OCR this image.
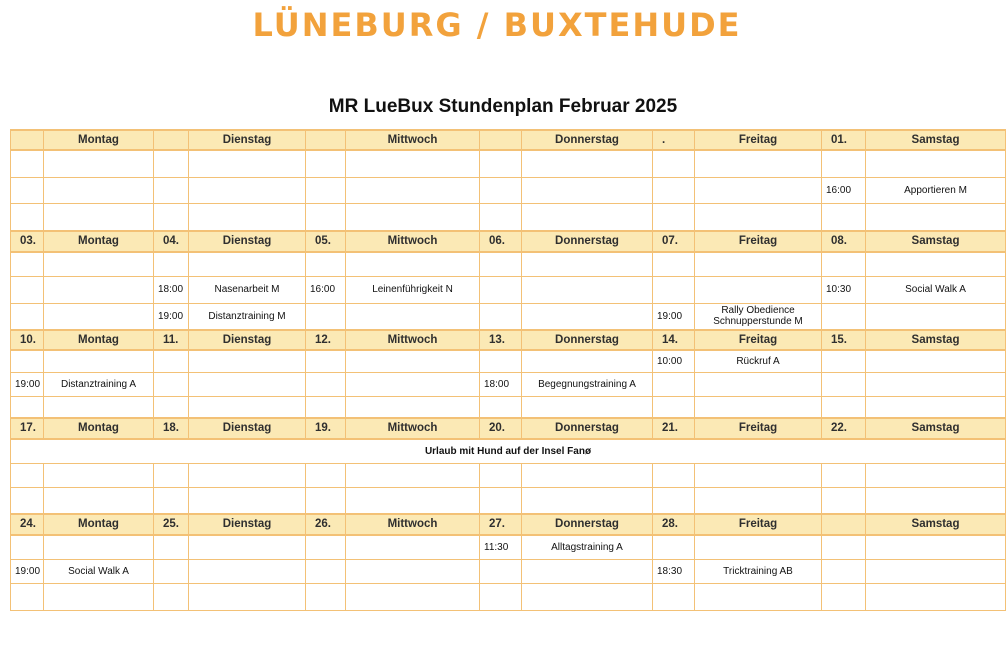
LÜNEBURG / BUXTEHUDE
MR LueBux Stundenplan Februar 2025
	Montag		Dienstag		Mittwoch		Donnerstag	.	Freitag	01.	Samstag

										16:00	Apportieren M

03.	Montag	04.	Dienstag	05.	Mittwoch	06.	Donnerstag	07.	Freitag	08.	Samstag

		18:00	Nasenarbeit M	16:00	Leinenführigkeit N					10:30	Social Walk A
		19:00	Distanztraining M					19:00	Rally Obedience Schnupperstunde M		
10.	Montag	11.	Dienstag	12.	Mittwoch	13.	Donnerstag	14.	Freitag	15.	Samstag
								10:00	Rückruf A		
19:00	Distanztraining A					18:00	Begegnungstraining A				

17.	Montag	18.	Dienstag	19.	Mittwoch	20.	Donnerstag	21.	Freitag	22.	Samstag
Urlaub mit Hund auf der Insel Fanø											

24.	Montag	25.	Dienstag	26.	Mittwoch	27.	Donnerstag	28.	Freitag		Samstag
						11:30	Alltagstraining A				
19:00	Social Walk A							18:30	Tricktraining AB		
